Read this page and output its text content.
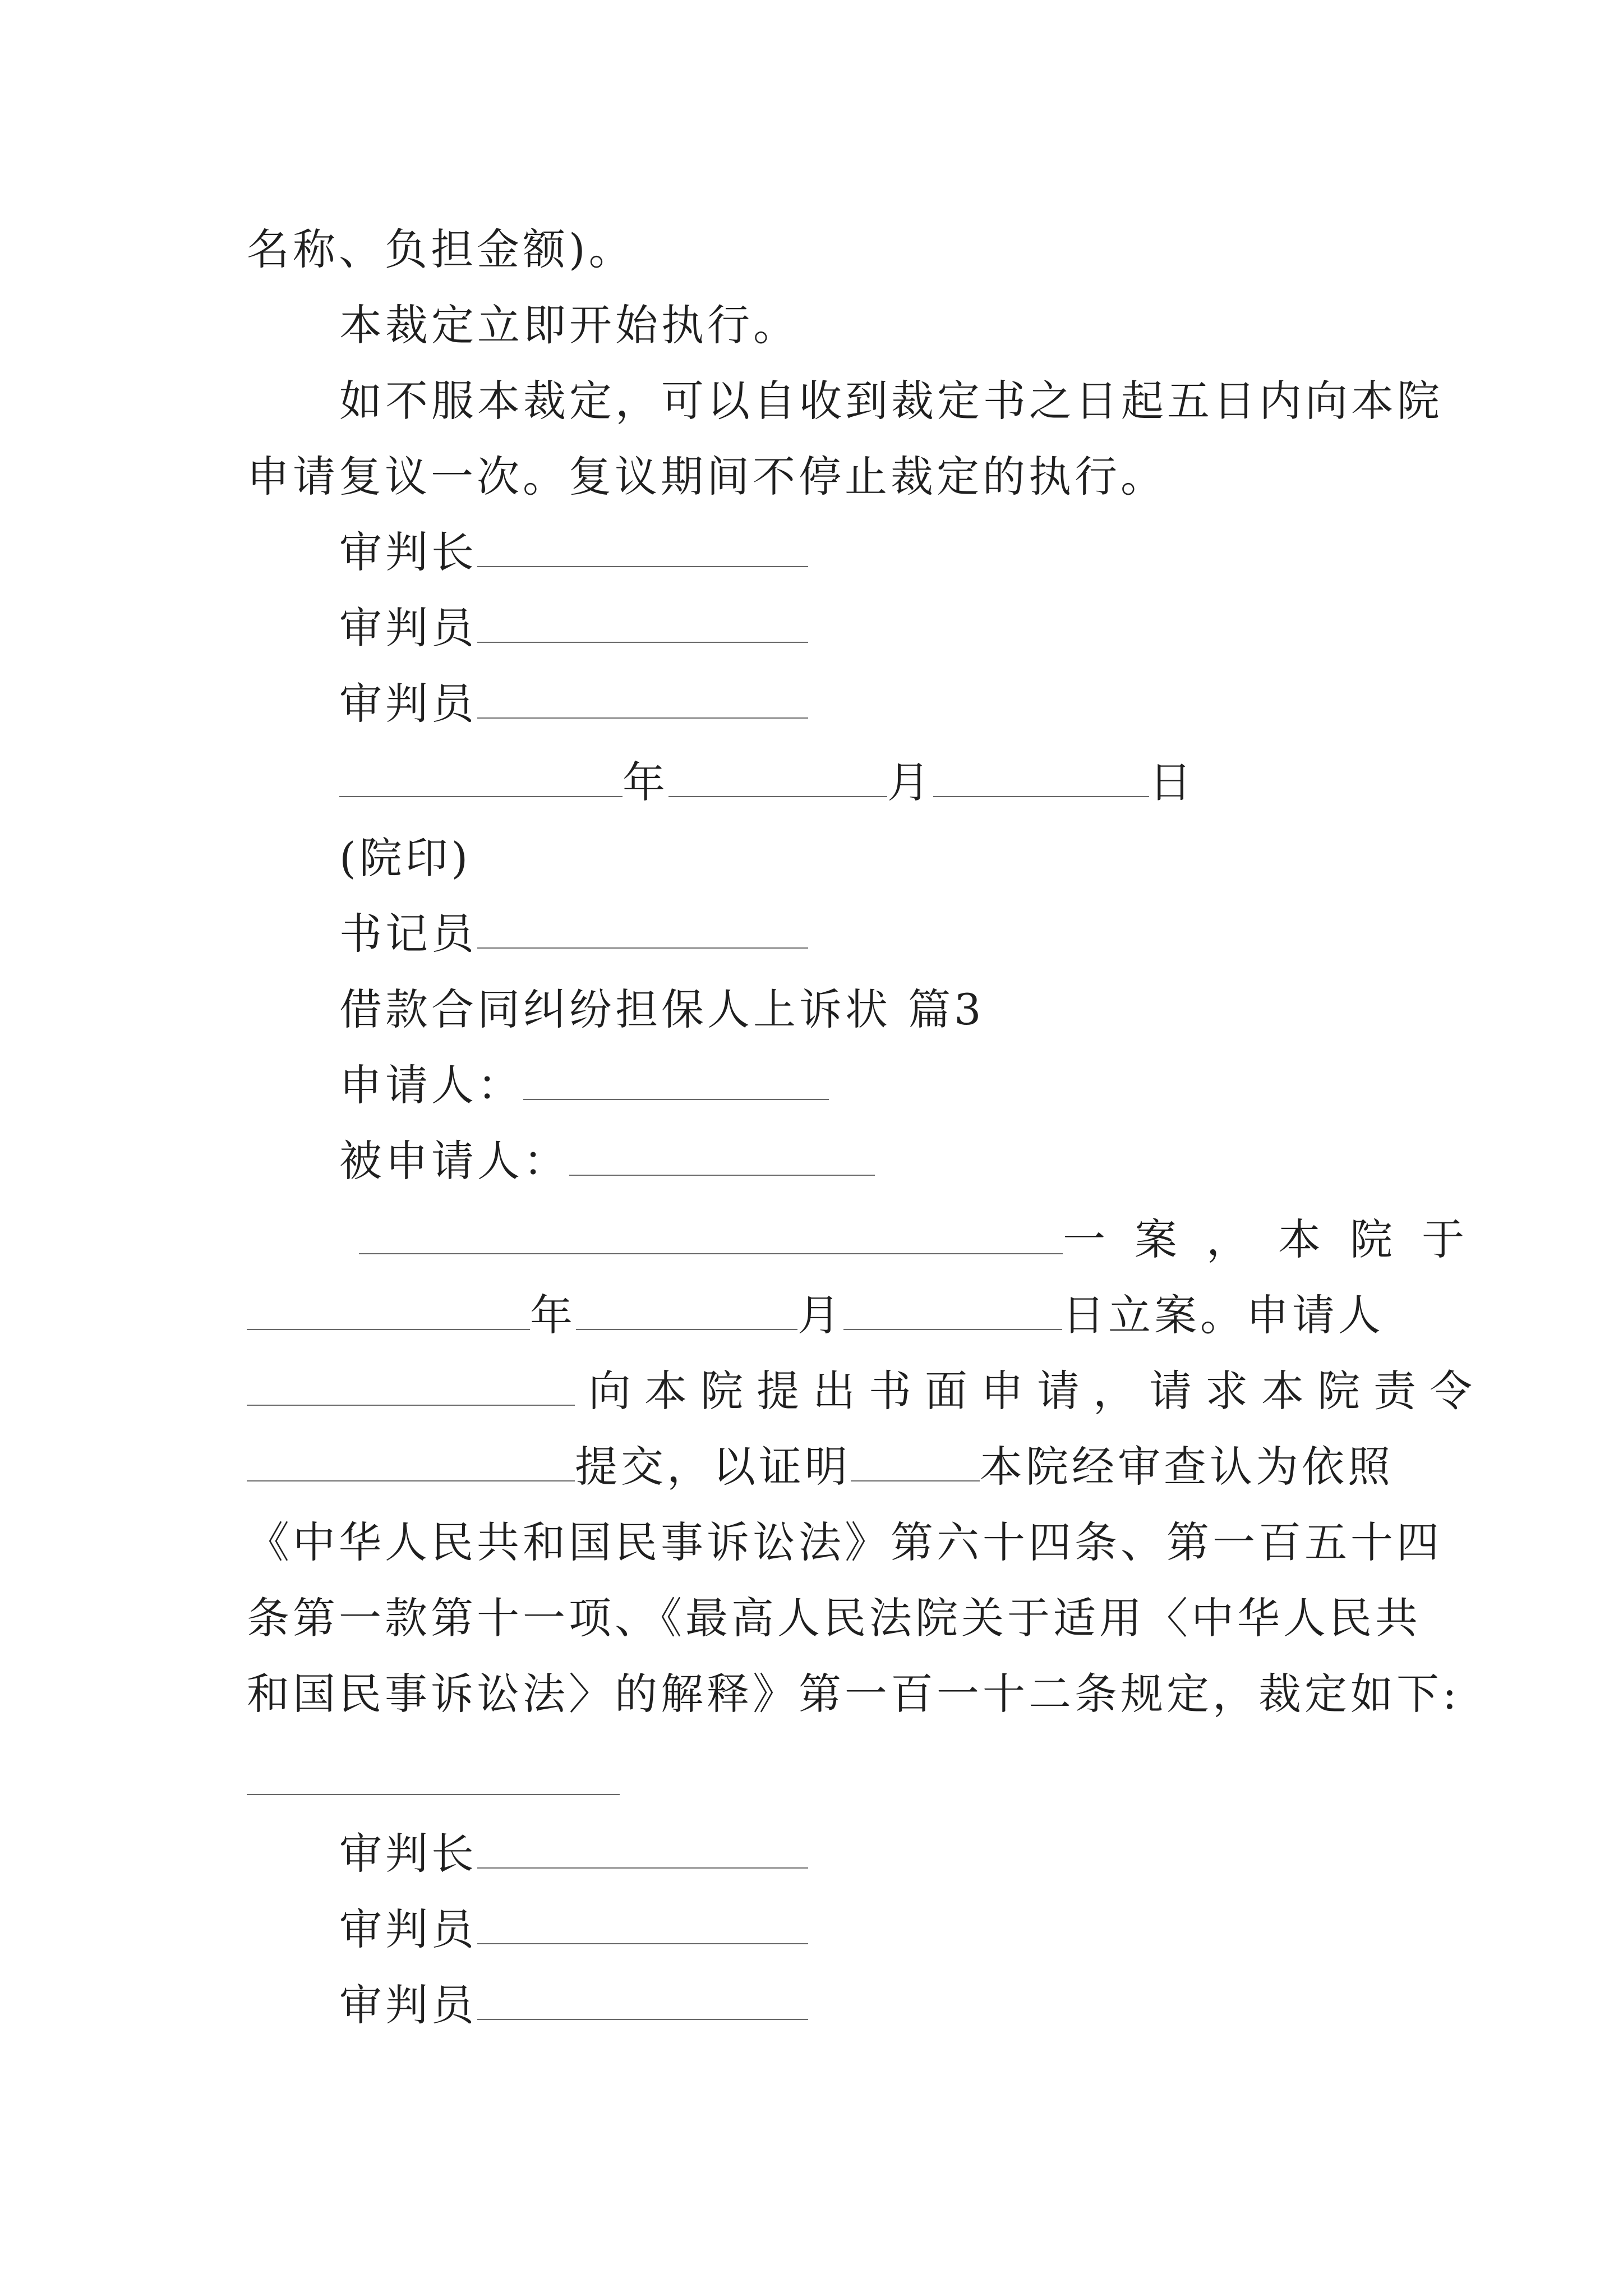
名称、负担金额)。
本裁定立即开始执行。
如不服本裁定，可以自收到裁定书之日起五日内向本院
申请复议一次。复议期间不停止裁定的执行。
审判长
审判员
审判员
年	月	日
(院印)
书记员
借款合同纠纷担保人上诉状 篇3
申请人：
被申请人：
一案，本院于
年	月	日立案。申请人
向本院提出书面申请，请求本院责令
提交，以证明	本院经审查认为依照
《中华人民共和国民事诉讼法》第六十四条、第一百五十四
条第一款第十一项、《最高人民法院关于适用〈中华人民共
和国民事诉讼法〉的解释》第一百一十二条规定，裁定如下:
审判长
审判员
审判员
